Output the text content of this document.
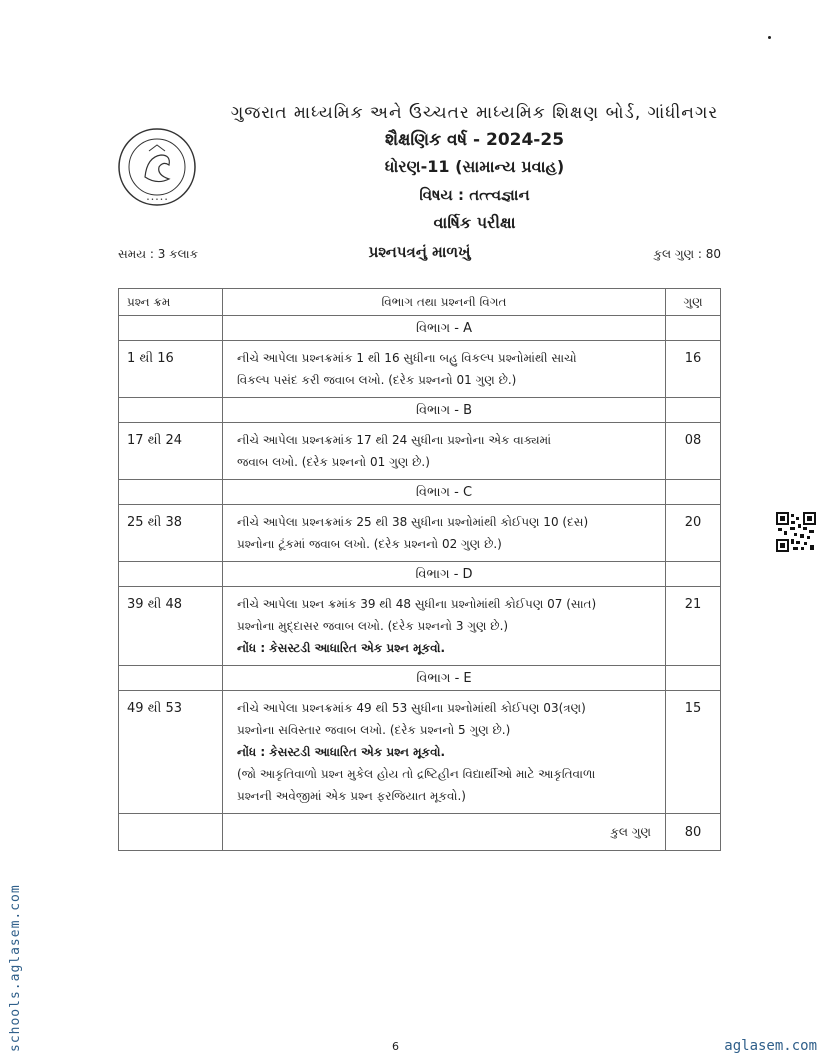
• • • • •
ગુજરાત માધ્યમિક અને ઉચ્ચતર માધ્યમિક શિક્ષણ બોર્ડ, ગાંધીનગર
શૈક્ષણિક વર્ષ - 2024-25
ધોરણ-11 (સામાન્ય પ્રવાહ)
વિષય : તત્ત્વજ્ઞાન
વાર્ષિક પરીક્ષા
સમય : 3 કલાક	પ્રશ્નપત્રનું માળખું	કુલ ગુણ : 80
પ્રશ્ન ક્રમ	વિભાગ તથા પ્રશ્નની વિગત	ગુણ
	વિભાગ - A	
1 થી 16	નીચે આપેલા પ્રશ્નક્રમાંક 1 થી 16 સુધીના બહુ વિકલ્પ પ્રશ્નોમાંથી સાચો
વિકલ્પ પસંદ કરી જવાબ લખો. (દરેક પ્રશ્નનો 01 ગુણ છે.)	16
	વિભાગ - B	
17 થી 24	નીચે આપેલા પ્રશ્નક્રમાંક 17 થી 24 સુધીના પ્રશ્નોના એક વાક્યમાં
જવાબ લખો. (દરેક પ્રશ્નનો 01 ગુણ છે.)	08
	વિભાગ - C	
25 થી 38	નીચે આપેલા પ્રશ્નક્રમાંક 25 થી 38 સુધીના પ્રશ્નોમાંથી કોઈપણ 10 (દસ)
પ્રશ્નોના ટૂંકમાં જવાબ લખો. (દરેક પ્રશ્નનો 02 ગુણ છે.)	20
	વિભાગ - D	
39 થી 48	નીચે આપેલા પ્રશ્ન ક્રમાંક 39 થી 48 સુધીના પ્રશ્નોમાંથી કોઈપણ 07 (સાત)
પ્રશ્નોના મુદ્દાસર જવાબ લખો. (દરેક પ્રશ્નનો 3 ગુણ છે.)
નોંધ : કેસસ્ટડી આધારિત એક પ્રશ્ન મૂકવો.	21
	વિભાગ - E	
49 થી 53	નીચે આપેલા પ્રશ્નક્રમાંક 49 થી 53 સુધીના પ્રશ્નોમાંથી કોઈપણ 03(ત્રણ)
પ્રશ્નોના સવિસ્તાર જવાબ લખો. (દરેક પ્રશ્નનો 5 ગુણ છે.)
નોંધ : કેસસ્ટડી આધારિત એક પ્રશ્ન મૂકવો.
(જો આકૃતિવાળો પ્રશ્ન મુકેલ હોય તો દ્રષ્ટિહીન વિદ્યાર્થીઓ માટે આકૃતિવાળા
પ્રશ્નની અવેજીમાં એક પ્રશ્ન ફરજિયાત મૂકવો.)	15
	કુલ ગુણ	80
schools.aglasem.com	6	aglasem.com
